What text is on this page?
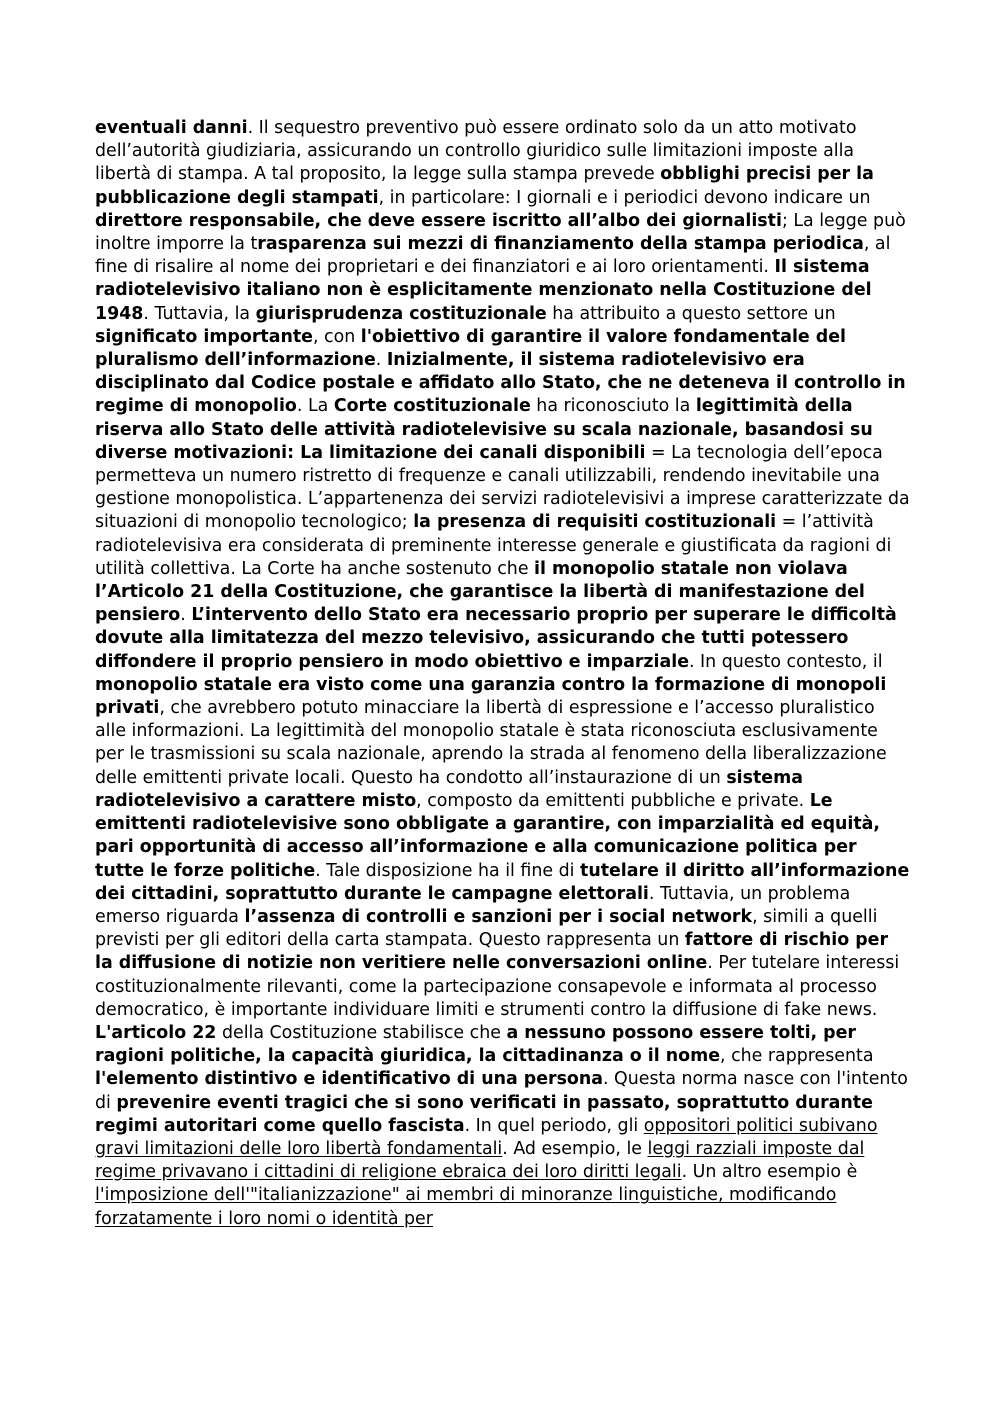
eventuali danni. Il sequestro preventivo può essere ordinato solo da un atto motivato dell’autorità giudiziaria, assicurando un controllo giuridico sulle limitazioni imposte alla libertà di stampa. A tal proposito, la legge sulla stampa prevede obblighi precisi per la pubblicazione degli stampati, in particolare: I giornali e i periodici devono indicare un direttore responsabile, che deve essere iscritto all’albo dei giornalisti; La legge può inoltre imporre la trasparenza sui mezzi di finanziamento della stampa periodica, al fine di risalire al nome dei proprietari e dei finanziatori e ai loro orientamenti. Il sistema radiotelevisivo italiano non è esplicitamente menzionato nella Costituzione del 1948. Tuttavia, la giurisprudenza costituzionale ha attribuito a questo settore un significato importante, con l'obiettivo di garantire il valore fondamentale del pluralismo dell’informazione. Inizialmente, il sistema radiotelevisivo era disciplinato dal Codice postale e affidato allo Stato, che ne deteneva il controllo in regime di monopolio. La Corte costituzionale ha riconosciuto la legittimità della riserva allo Stato delle attività radiotelevisive su scala nazionale, basandosi su diverse motivazioni: La limitazione dei canali disponibili = La tecnologia dell’epoca permetteva un numero ristretto di frequenze e canali utilizzabili, rendendo inevitabile una gestione monopolistica. L’appartenenza dei servizi radiotelevisivi a imprese caratterizzate da situazioni di monopolio tecnologico; la presenza di requisiti costituzionali = l’attività radiotelevisiva era considerata di preminente interesse generale e giustificata da ragioni di utilità collettiva. La Corte ha anche sostenuto che il monopolio statale non violava l’Articolo 21 della Costituzione, che garantisce la libertà di manifestazione del pensiero. L’intervento dello Stato era necessario proprio per superare le difficoltà dovute alla limitatezza del mezzo televisivo, assicurando che tutti potessero diffondere il proprio pensiero in modo obiettivo e imparziale. In questo contesto, il monopolio statale era visto come una garanzia contro la formazione di monopoli privati, che avrebbero potuto minacciare la libertà di espressione e l’accesso pluralistico alle informazioni. La legittimità del monopolio statale è stata riconosciuta esclusivamente per le trasmissioni su scala nazionale, aprendo la strada al fenomeno della liberalizzazione delle emittenti private locali. Questo ha condotto all’instaurazione di un sistema radiotelevisivo a carattere misto, composto da emittenti pubbliche e private. Le emittenti radiotelevisive sono obbligate a garantire, con imparzialità ed equità, pari opportunità di accesso all’informazione e alla comunicazione politica per tutte le forze politiche. Tale disposizione ha il fine di tutelare il diritto all’informazione dei cittadini, soprattutto durante le campagne elettorali. Tuttavia, un problema emerso riguarda l’assenza di controlli e sanzioni per i social network, simili a quelli previsti per gli editori della carta stampata. Questo rappresenta un fattore di rischio per la diffusione di notizie non veritiere nelle conversazioni online. Per tutelare interessi costituzionalmente rilevanti, come la partecipazione consapevole e informata al processo democratico, è importante individuare limiti e strumenti contro la diffusione di fake news.

L'articolo 22 della Costituzione stabilisce che a nessuno possono essere tolti, per ragioni politiche, la capacità giuridica, la cittadinanza o il nome, che rappresenta l'elemento distintivo e identificativo di una persona. Questa norma nasce con l'intento di prevenire eventi tragici che si sono verificati in passato, soprattutto durante regimi autoritari come quello fascista. In quel periodo, gli oppositori politici subivano gravi limitazioni delle loro libertà fondamentali. Ad esempio, le leggi razziali imposte dal regime privavano i cittadini di religione ebraica dei loro diritti legali. Un altro esempio è l'imposizione dell'"italianizzazione" ai membri di minoranze linguistiche, modificando forzatamente i loro nomi o identità per
